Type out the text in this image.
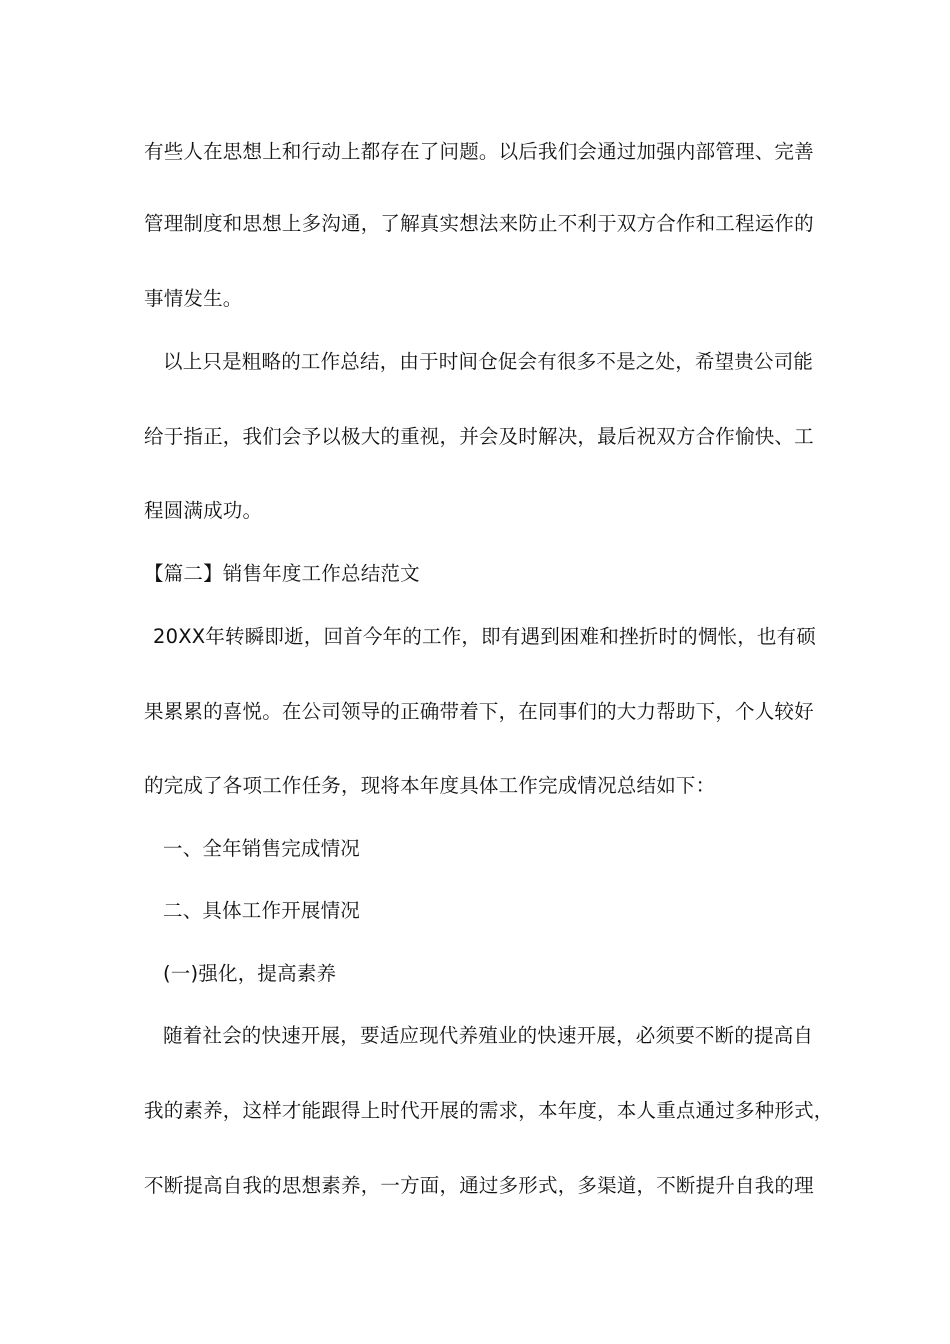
有些人在思想上和行动上都存在了问题。以后我们会通过加强内部管理、完善
管理制度和思想上多沟通，了解真实想法来防止不利于双方合作和工程运作的
事情发生。
以上只是粗略的工作总结，由于时间仓促会有很多不是之处，希望贵公司能
给于指正，我们会予以极大的重视，并会及时解决，最后祝双方合作愉快、工
程圆满成功。
【篇二】销售年度工作总结范文
20XX年转瞬即逝，回首今年的工作，即有遇到困难和挫折时的惆怅，也有硕
果累累的喜悦。在公司领导的正确带着下，在同事们的大力帮助下，个人较好
的完成了各项工作任务，现将本年度具体工作完成情况总结如下：
一、全年销售完成情况
二、具体工作开展情况
(一)强化，提高素养
随着社会的快速开展，要适应现代养殖业的快速开展，必须要不断的提高自
我的素养，这样才能跟得上时代开展的需求，本年度，本人重点通过多种形式，
不断提高自我的思想素养，一方面，通过多形式，多渠道，不断提升自我的理
